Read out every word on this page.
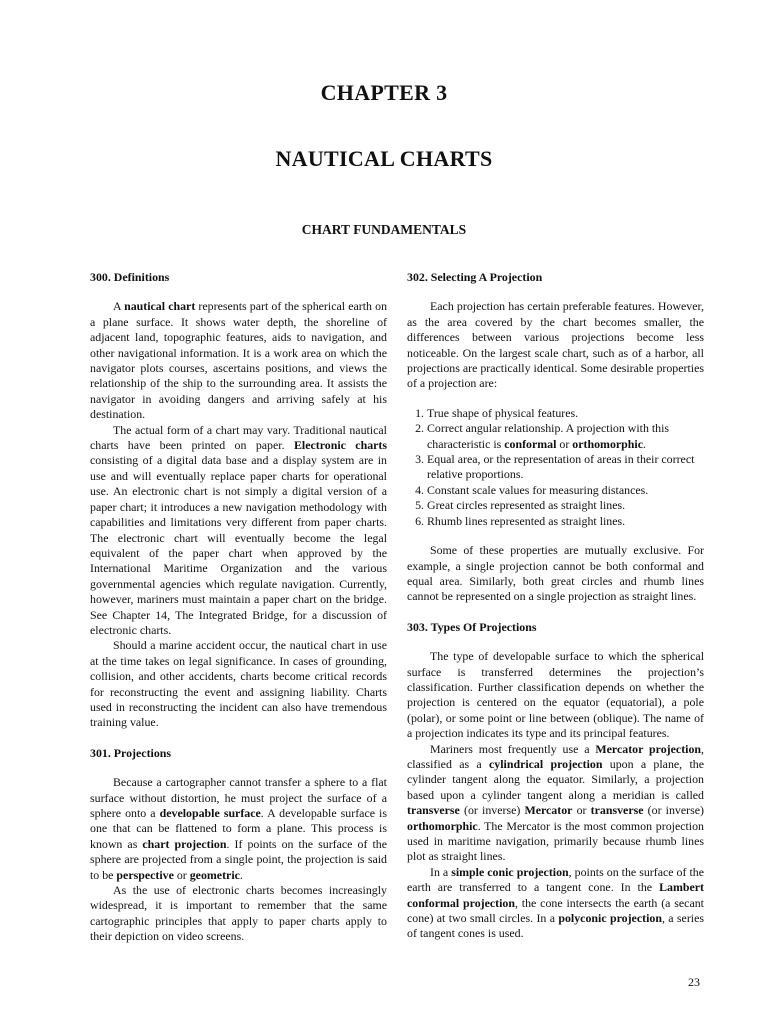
CHAPTER 3
NAUTICAL CHARTS
CHART FUNDAMENTALS
300. Definitions

A nautical chart represents part of the spherical earth on a plane surface. It shows water depth, the shoreline of adjacent land, topographic features, aids to navigation, and other navigational information. It is a work area on which the navigator plots courses, ascertains positions, and views the relationship of the ship to the surrounding area. It assists the navigator in avoiding dangers and arriving safely at his destination.

The actual form of a chart may vary. Traditional nautical charts have been printed on paper. Electronic charts consisting of a digital data base and a display system are in use and will eventually replace paper charts for operational use. An electronic chart is not simply a digital version of a paper chart; it introduces a new navigation methodology with capabilities and limitations very different from paper charts. The electronic chart will eventually become the legal equivalent of the paper chart when approved by the International Maritime Organization and the various governmental agencies which regulate navigation. Currently, however, mariners must maintain a paper chart on the bridge. See Chapter 14, The Integrated Bridge, for a discussion of electronic charts.

Should a marine accident occur, the nautical chart in use at the time takes on legal significance. In cases of grounding, collision, and other accidents, charts become critical records for reconstructing the event and assigning liability. Charts used in reconstructing the incident can also have tremendous training value.

301. Projections

Because a cartographer cannot transfer a sphere to a flat surface without distortion, he must project the surface of a sphere onto a developable surface. A developable surface is one that can be flattened to form a plane. This process is known as chart projection. If points on the surface of the sphere are projected from a single point, the projection is said to be perspective or geometric.

As the use of electronic charts becomes increasingly widespread, it is important to remember that the same cartographic principles that apply to paper charts apply to their depiction on video screens.

302. Selecting A Projection

Each projection has certain preferable features. However, as the area covered by the chart becomes smaller, the differences between various projections become less noticeable. On the largest scale chart, such as of a harbor, all projections are practically identical. Some desirable properties of a projection are:

1. True shape of physical features.
2. Correct angular relationship. A projection with this characteristic is conformal or orthomorphic.
3. Equal area, or the representation of areas in their correct relative proportions.
4. Constant scale values for measuring distances.
5. Great circles represented as straight lines.
6. Rhumb lines represented as straight lines.

Some of these properties are mutually exclusive. For example, a single projection cannot be both conformal and equal area. Similarly, both great circles and rhumb lines cannot be represented on a single projection as straight lines.

303. Types Of Projections

The type of developable surface to which the spherical surface is transferred determines the projection’s classification. Further classification depends on whether the projection is centered on the equator (equatorial), a pole (polar), or some point or line between (oblique). The name of a projection indicates its type and its principal features.

Mariners most frequently use a Mercator projection, classified as a cylindrical projection upon a plane, the cylinder tangent along the equator. Similarly, a projection based upon a cylinder tangent along a meridian is called transverse (or inverse) Mercator or transverse (or inverse) orthomorphic. The Mercator is the most common projection used in maritime navigation, primarily because rhumb lines plot as straight lines.

In a simple conic projection, points on the surface of the earth are transferred to a tangent cone. In the Lambert conformal projection, the cone intersects the earth (a secant cone) at two small circles. In a polyconic projection, a series of tangent cones is used.

23
